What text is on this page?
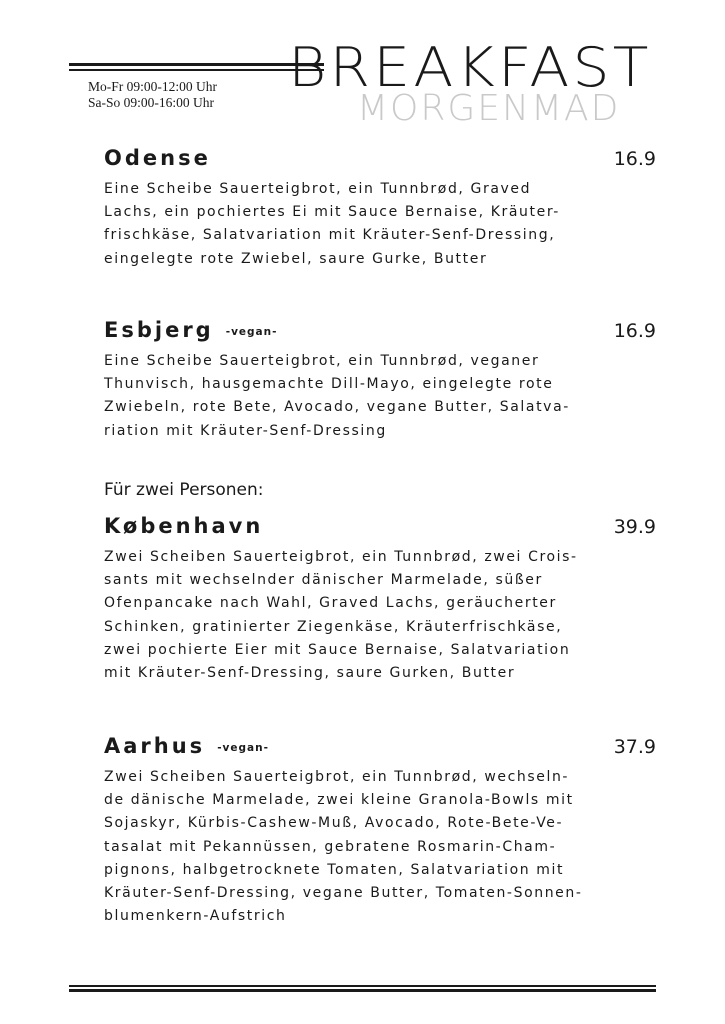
Mo-Fr 09:00-12:00 Uhr
Sa-So 09:00-16:00 Uhr
BREAKFAST
MORGENMAD
Odense	16.9
Eine Scheibe Sauerteigbrot, ein Tunnbrød, Graved
Lachs, ein pochiertes Ei mit Sauce Bernaise, Kräuter-
frischkäse, Salatvariation mit Kräuter-Senf-Dressing,
eingelegte rote Zwiebel, saure Gurke, Butter
Esbjerg -vegan-	16.9
Eine Scheibe Sauerteigbrot, ein Tunnbrød, veganer
Thunvisch, hausgemachte Dill-Mayo, eingelegte rote
Zwiebeln, rote Bete, Avocado, vegane Butter, Salatva-
riation mit Kräuter-Senf-Dressing
Für zwei Personen:
København	39.9
Zwei Scheiben Sauerteigbrot, ein Tunnbrød, zwei Crois-
sants mit wechselnder dänischer Marmelade, süßer
Ofenpancake nach Wahl, Graved Lachs, geräucherter
Schinken, gratinierter Ziegenkäse, Kräuterfrischkäse,
zwei pochierte Eier mit Sauce Bernaise, Salatvariation
mit Kräuter-Senf-Dressing, saure Gurken, Butter
Aarhus -vegan-	37.9
Zwei Scheiben Sauerteigbrot, ein Tunnbrød, wechseln-
de dänische Marmelade, zwei kleine Granola-Bowls mit
Sojaskyr, Kürbis-Cashew-Muß, Avocado, Rote-Bete-Ve-
tasalat mit Pekannüssen, gebratene Rosmarin-Cham-
pignons, halbgetrocknete Tomaten, Salatvariation mit
Kräuter-Senf-Dressing, vegane Butter, Tomaten-Sonnen-
blumenkern-Aufstrich
